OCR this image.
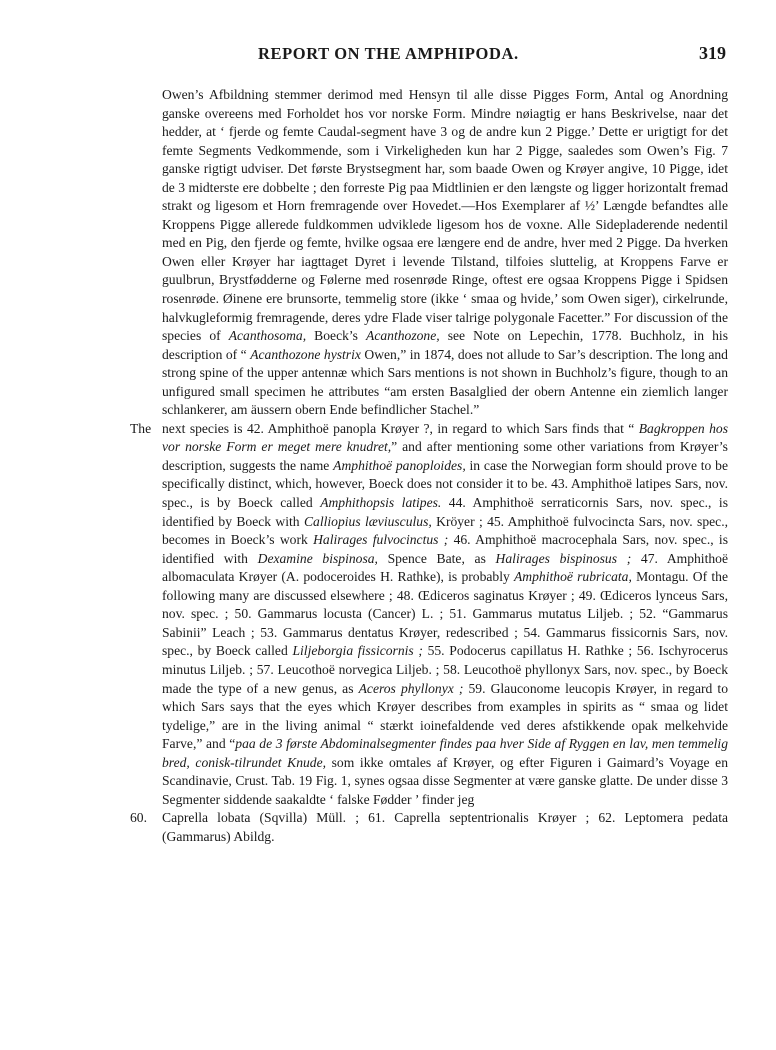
REPORT ON THE AMPHIPODA.	319

Owen’s Afbildning stemmer derimod med Hensyn til alle disse Pigges Form, Antal og Anordning ganske overeens med Forholdet hos vor norske Form. Mindre nøiagtig er hans Beskrivelse, naar det hedder, at ‘ fjerde og femte Caudal-segment have 3 og de andre kun 2 Pigge.’ Dette er urigtigt for det femte Segments Vedkommende, som i Virkeligheden kun har 2 Pigge, saaledes som Owen’s Fig. 7 ganske rigtigt udviser. Det første Brystsegment har, som baade Owen og Krøyer angive, 10 Pigge, idet de 3 midterste ere dobbelte ; den forreste Pig paa Midtlinien er den længste og ligger horizontalt fremad strakt og ligesom et Horn fremragende over Hovedet.—Hos Exemplarer af ½’ Længde befandtes alle Kroppens Pigge allerede fuldkommen udviklede ligesom hos de voxne. Alle Sidepladerende nedentil med en Pig, den fjerde og femte, hvilke ogsaa ere længere end de andre, hver med 2 Pigge. Da hverken Owen eller Krøyer har iagttaget Dyret i levende Tilstand, tilfoies sluttelig, at Kroppens Farve er guulbrun, Brystfødderne og Følerne med rosenrøde Ringe, oftest ere ogsaa Kroppens Pigge i Spidsen rosenrøde. Øinene ere brunsorte, temmelig store (ikke ‘ smaa og hvide,’ som Owen siger), cirkelrunde, halvkugleformig fremragende, deres ydre Flade viser talrige polygonale Facetter.” For discussion of the species of Acanthosoma, Boeck’s Acanthozone, see Note on Lepechin, 1778. Buchholz, in his description of “ Acanthozone hystrix Owen,” in 1874, does not allude to Sar’s description. The long and strong spine of the upper antennæ which Sars mentions is not shown in Buchholz’s figure, though to an unfigured small specimen he attributes “am ersten Basalglied der obern Antenne ein ziemlich langer schlankerer, am äussern obern Ende befindlicher Stachel.”

The next species is 42. Amphithoë panopla Krøyer ?, in regard to which Sars finds that “ Bagkroppen hos vor norske Form er meget mere knudret,” and after mentioning some other variations from Krøyer’s description, suggests the name Amphithoë panoploides, in case the Norwegian form should prove to be specifically distinct, which, however, Boeck does not consider it to be. 43. Amphithoë latipes Sars, nov. spec., is by Boeck called Amphithopsis latipes. 44. Amphithoë serraticornis Sars, nov. spec., is identified by Boeck with Calliopius læviusculus, Kröyer ; 45. Amphithoë fulvocincta Sars, nov. spec., becomes in Boeck’s work Halirages fulvocinctus ; 46. Amphithoë macrocephala Sars, nov. spec., is identified with Dexamine bispinosa, Spence Bate, as Halirages bispinosus ; 47. Amphithoë albomaculata Krøyer (A. podoceroides H. Rathke), is probably Amphithoë rubricata, Montagu. Of the following many are discussed elsewhere ; 48. Œdiceros saginatus Krøyer ; 49. Œdiceros lynceus Sars, nov. spec. ; 50. Gammarus locusta (Cancer) L. ; 51. Gammarus mutatus Liljeb. ; 52. “Gammarus Sabinii” Leach ; 53. Gammarus dentatus Krøyer, redescribed ; 54. Gammarus fissicornis Sars, nov. spec., by Boeck called Liljeborgia fissicornis ; 55. Podocerus capillatus H. Rathke ; 56. Ischyrocerus minutus Liljeb. ; 57. Leucothoë norvegica Liljeb. ; 58. Leucothoë phyllonyx Sars, nov. spec., by Boeck made the type of a new genus, as Aceros phyllonyx ; 59. Glauconome leucopis Krøyer, in regard to which Sars says that the eyes which Krøyer describes from examples in spirits as “ smaa og lidet tydelige,” are in the living animal “ stærkt ioinefaldende ved deres afstikkende opak melkehvide Farve,” and “paa de 3 første Abdominalsegmenter findes paa hver Side af Ryggen en lav, men temmelig bred, conisk-tilrundet Knude, som ikke omtales af Krøyer, og efter Figuren i Gaimard’s Voyage en Scandinavie, Crust. Tab. 19 Fig. 1, synes ogsaa disse Segmenter at være ganske glatte. De under disse 3 Segmenter siddende saakaldte ‘ falske Fødder ’ finder jeg

60. Caprella lobata (Sqvilla) Müll. ; 61. Caprella septentrionalis Krøyer ; 62. Leptomera pedata (Gammarus) Abildg.
